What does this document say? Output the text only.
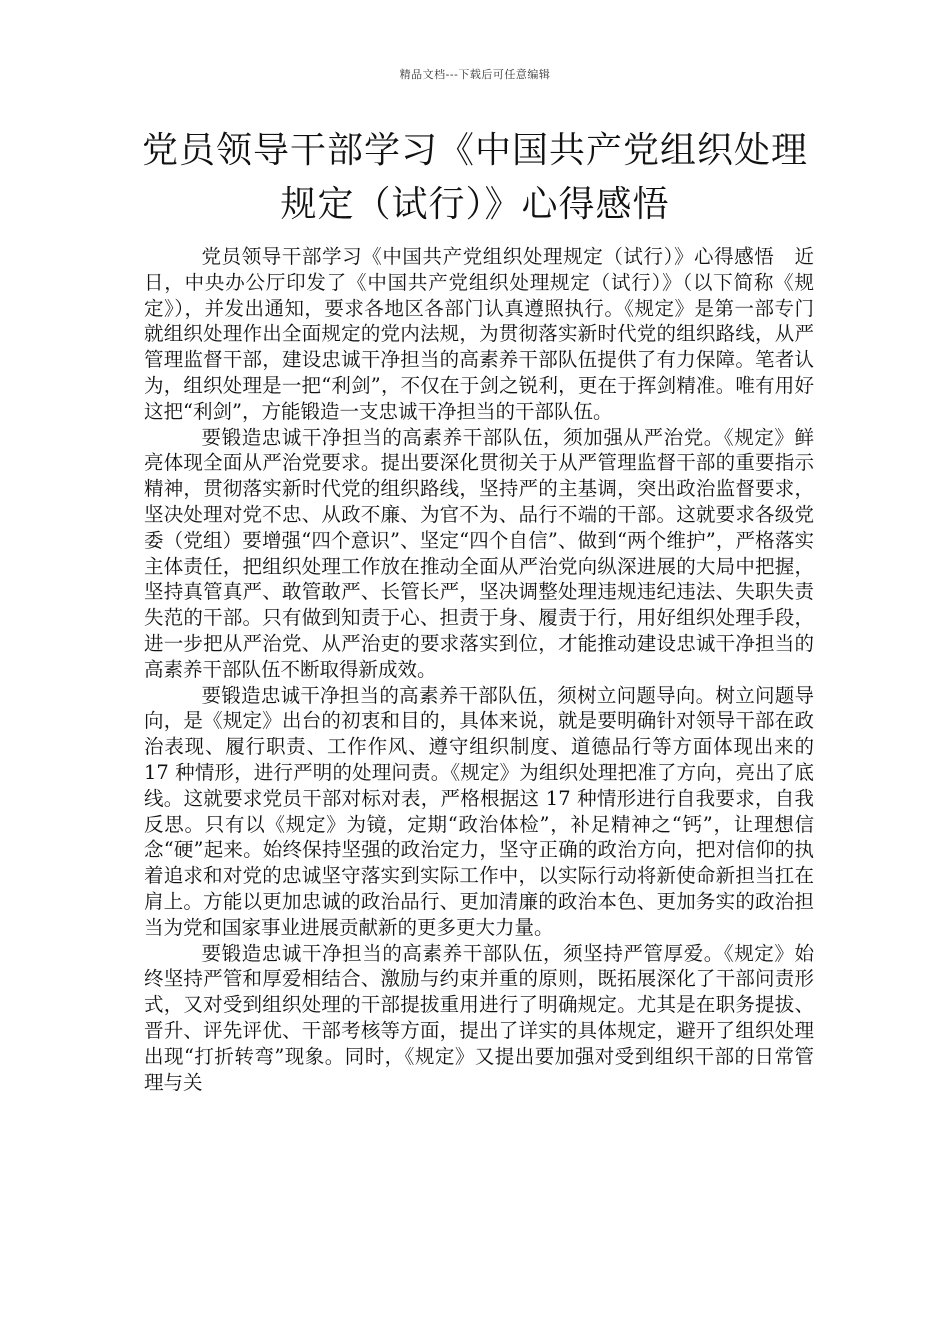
精品文档---下载后可任意编辑
党员领导干部学习《中国共产党组织处理
规定（试行）》心得感悟

党员领导干部学习《中国共产党组织处理规定（试行）》心得感悟　近日，中央办公厅印发了《中国共产党组织处理规定（试行）》（以下简称《规定》），并发出通知，要求各地区各部门认真遵照执行。《规定》是第一部专门就组织处理作出全面规定的党内法规，为贯彻落实新时代党的组织路线，从严管理监督干部，建设忠诚干净担当的高素养干部队伍提供了有力保障。笔者认为，组织处理是一把“利剑”，不仅在于剑之锐利，更在于挥剑精准。唯有用好这把“利剑”，方能锻造一支忠诚干净担当的干部队伍。

要锻造忠诚干净担当的高素养干部队伍，须加强从严治党。《规定》鲜亮体现全面从严治党要求。提出要深化贯彻关于从严管理监督干部的重要指示精神，贯彻落实新时代党的组织路线，坚持严的主基调，突出政治监督要求，坚决处理对党不忠、从政不廉、为官不为、品行不端的干部。这就要求各级党委（党组）要增强“四个意识”、坚定“四个自信”、做到“两个维护”，严格落实主体责任，把组织处理工作放在推动全面从严治党向纵深进展的大局中把握，坚持真管真严、敢管敢严、长管长严，坚决调整处理违规违纪违法、失职失责失范的干部。只有做到知责于心、担责于身、履责于行，用好组织处理手段，进一步把从严治党、从严治吏的要求落实到位，才能推动建设忠诚干净担当的高素养干部队伍不断取得新成效。

要锻造忠诚干净担当的高素养干部队伍，须树立问题导向。树立问题导向，是《规定》出台的初衷和目的，具体来说，就是要明确针对领导干部在政治表现、履行职责、工作作风、遵守组织制度、道德品行等方面体现出来的 17 种情形，进行严明的处理问责。《规定》为组织处理把准了方向，亮出了底线。这就要求党员干部对标对表，严格根据这 17 种情形进行自我要求，自我反思。只有以《规定》为镜，定期“政治体检”，补足精神之“钙”，让理想信念“硬”起来。始终保持坚强的政治定力，坚守正确的政治方向，把对信仰的执着追求和对党的忠诚坚守落实到实际工作中，以实际行动将新使命新担当扛在肩上。方能以更加忠诚的政治品行、更加清廉的政治本色、更加务实的政治担当为党和国家事业进展贡献新的更多更大力量。

要锻造忠诚干净担当的高素养干部队伍，须坚持严管厚爱。《规定》始终坚持严管和厚爱相结合、激励与约束并重的原则，既拓展深化了干部问责形式，又对受到组织处理的干部提拔重用进行了明确规定。尤其是在职务提拔、晋升、评先评优、干部考核等方面，提出了详实的具体规定，避开了组织处理出现“打折转弯”现象。同时，《规定》又提出要加强对受到组织干部的日常管理与关
